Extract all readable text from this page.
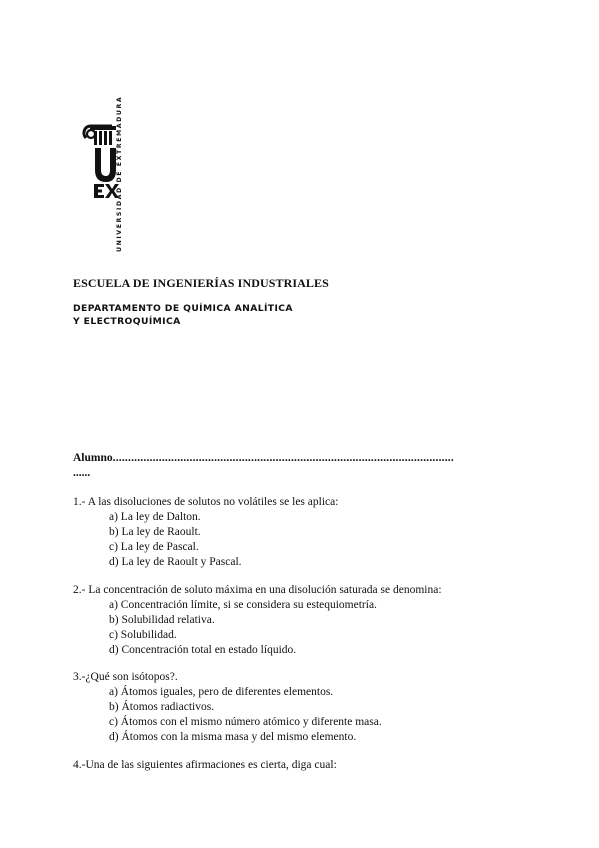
UNIVERSIDAD DE EXTREMADURA
ESCUELA DE INGENIERÍAS INDUSTRIALES
DEPARTAMENTO DE QUÍMICA ANALÍTICA
Y ELECTROQUÍMICA
Alumno...............................................................................................................
......
1.- A las disoluciones de solutos no volátiles se les aplica:
a) La ley de Dalton.
b) La ley de Raoult.
c) La ley de Pascal.
d) La ley de Raoult y Pascal.
2.- La concentración de soluto máxima en una disolución saturada se denomina:
a) Concentración límite, si se considera su estequiometría.
b) Solubilidad relativa.
c) Solubilidad.
d) Concentración total en estado líquido.
3.-¿Qué son isótopos?.
a) Átomos iguales, pero de diferentes elementos.
b) Átomos radiactivos.
c) Átomos con el mismo número atómico y diferente masa.
d) Átomos con la misma masa y del mismo elemento.
4.-Una de las siguientes afirmaciones es cierta, diga cual:
